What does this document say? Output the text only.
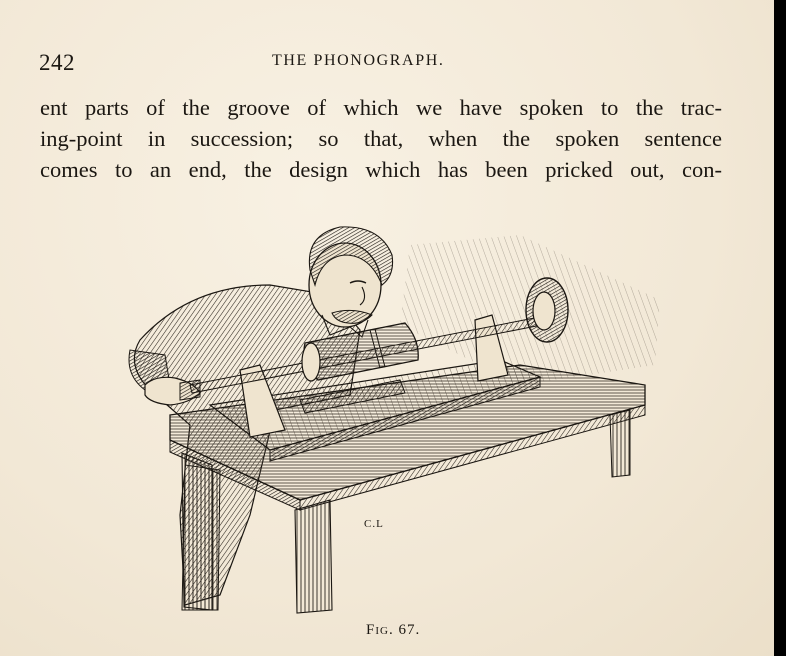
242	THE PHONOGRAPH.
ent parts of the groove of which we have spoken to the trac-
ing-point in succession; so that, when the spoken sentence
comes to an end, the design which has been pricked out, con-
C.L
Fig. 67.
